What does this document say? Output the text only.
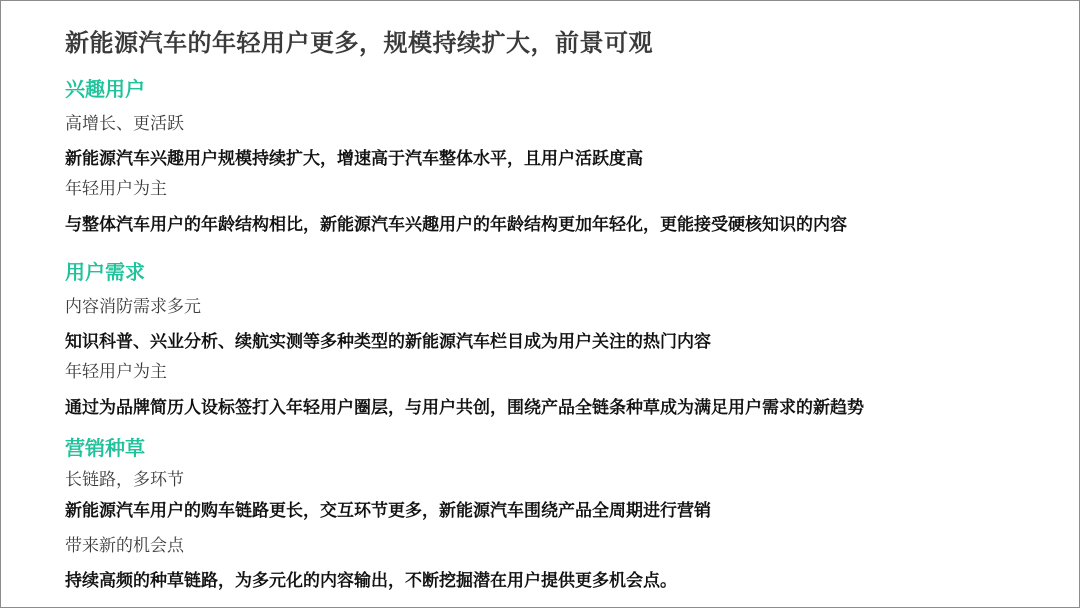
新能源汽车的年轻用户更多，规模持续扩大，前景可观
兴趣用户
高增长、更活跃
新能源汽车兴趣用户规模持续扩大，增速高于汽车整体水平，且用户活跃度高
年轻用户为主
与整体汽车用户的年龄结构相比，新能源汽车兴趣用户的年龄结构更加年轻化，更能接受硬核知识的内容
用户需求
内容消防需求多元
知识科普、兴业分析、续航实测等多种类型的新能源汽车栏目成为用户关注的热门内容
年轻用户为主
通过为品牌简历人设标签打入年轻用户圈层，与用户共创，围绕产品全链条种草成为满足用户需求的新趋势
营销种草
长链路，多环节
新能源汽车用户的购车链路更长，交互环节更多，新能源汽车围绕产品全周期进行营销
带来新的机会点
持续高频的种草链路，为多元化的内容输出，不断挖掘潜在用户提供更多机会点。
